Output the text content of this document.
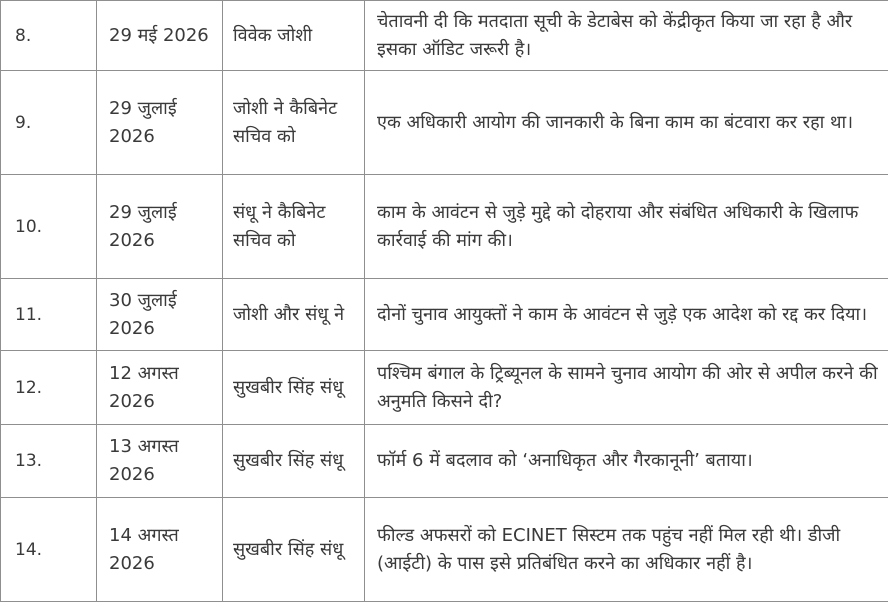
8.	29 मई 2026	विवेक जोशी	चेतावनी दी कि मतदाता सूची के डेटाबेस को केंद्रीकृत किया जा रहा है और इसका ऑडिट जरूरी है।
9.	29 जुलाई 2026	जोशी ने कैबिनेट सचिव को	एक अधिकारी आयोग की जानकारी के बिना काम का बंटवारा कर रहा था।
10.	29 जुलाई 2026	संधू ने कैबिनेट सचिव को	काम के आवंटन से जुड़े मुद्दे को दोहराया और संबंधित अधिकारी के खिलाफ कार्रवाई की मांग की।
11.	30 जुलाई 2026	जोशी और संधू ने	दोनों चुनाव आयुक्तों ने काम के आवंटन से जुड़े एक आदेश को रद्द कर दिया।
12.	12 अगस्त 2026	सुखबीर सिंह संधू	पश्चिम बंगाल के ट्रिब्यूनल के सामने चुनाव आयोग की ओर से अपील करने की अनुमति किसने दी?
13.	13 अगस्त 2026	सुखबीर सिंह संधू	फॉर्म 6 में बदलाव को ‘अनाधिकृत और गैरकानूनी’ बताया।
14.	14 अगस्त 2026	सुखबीर सिंह संधू	फील्ड अफसरों को ECINET सिस्टम तक पहुंच नहीं मिल रही थी। डीजी (आईटी) के पास इसे प्रतिबंधित करने का अधिकार नहीं है।
